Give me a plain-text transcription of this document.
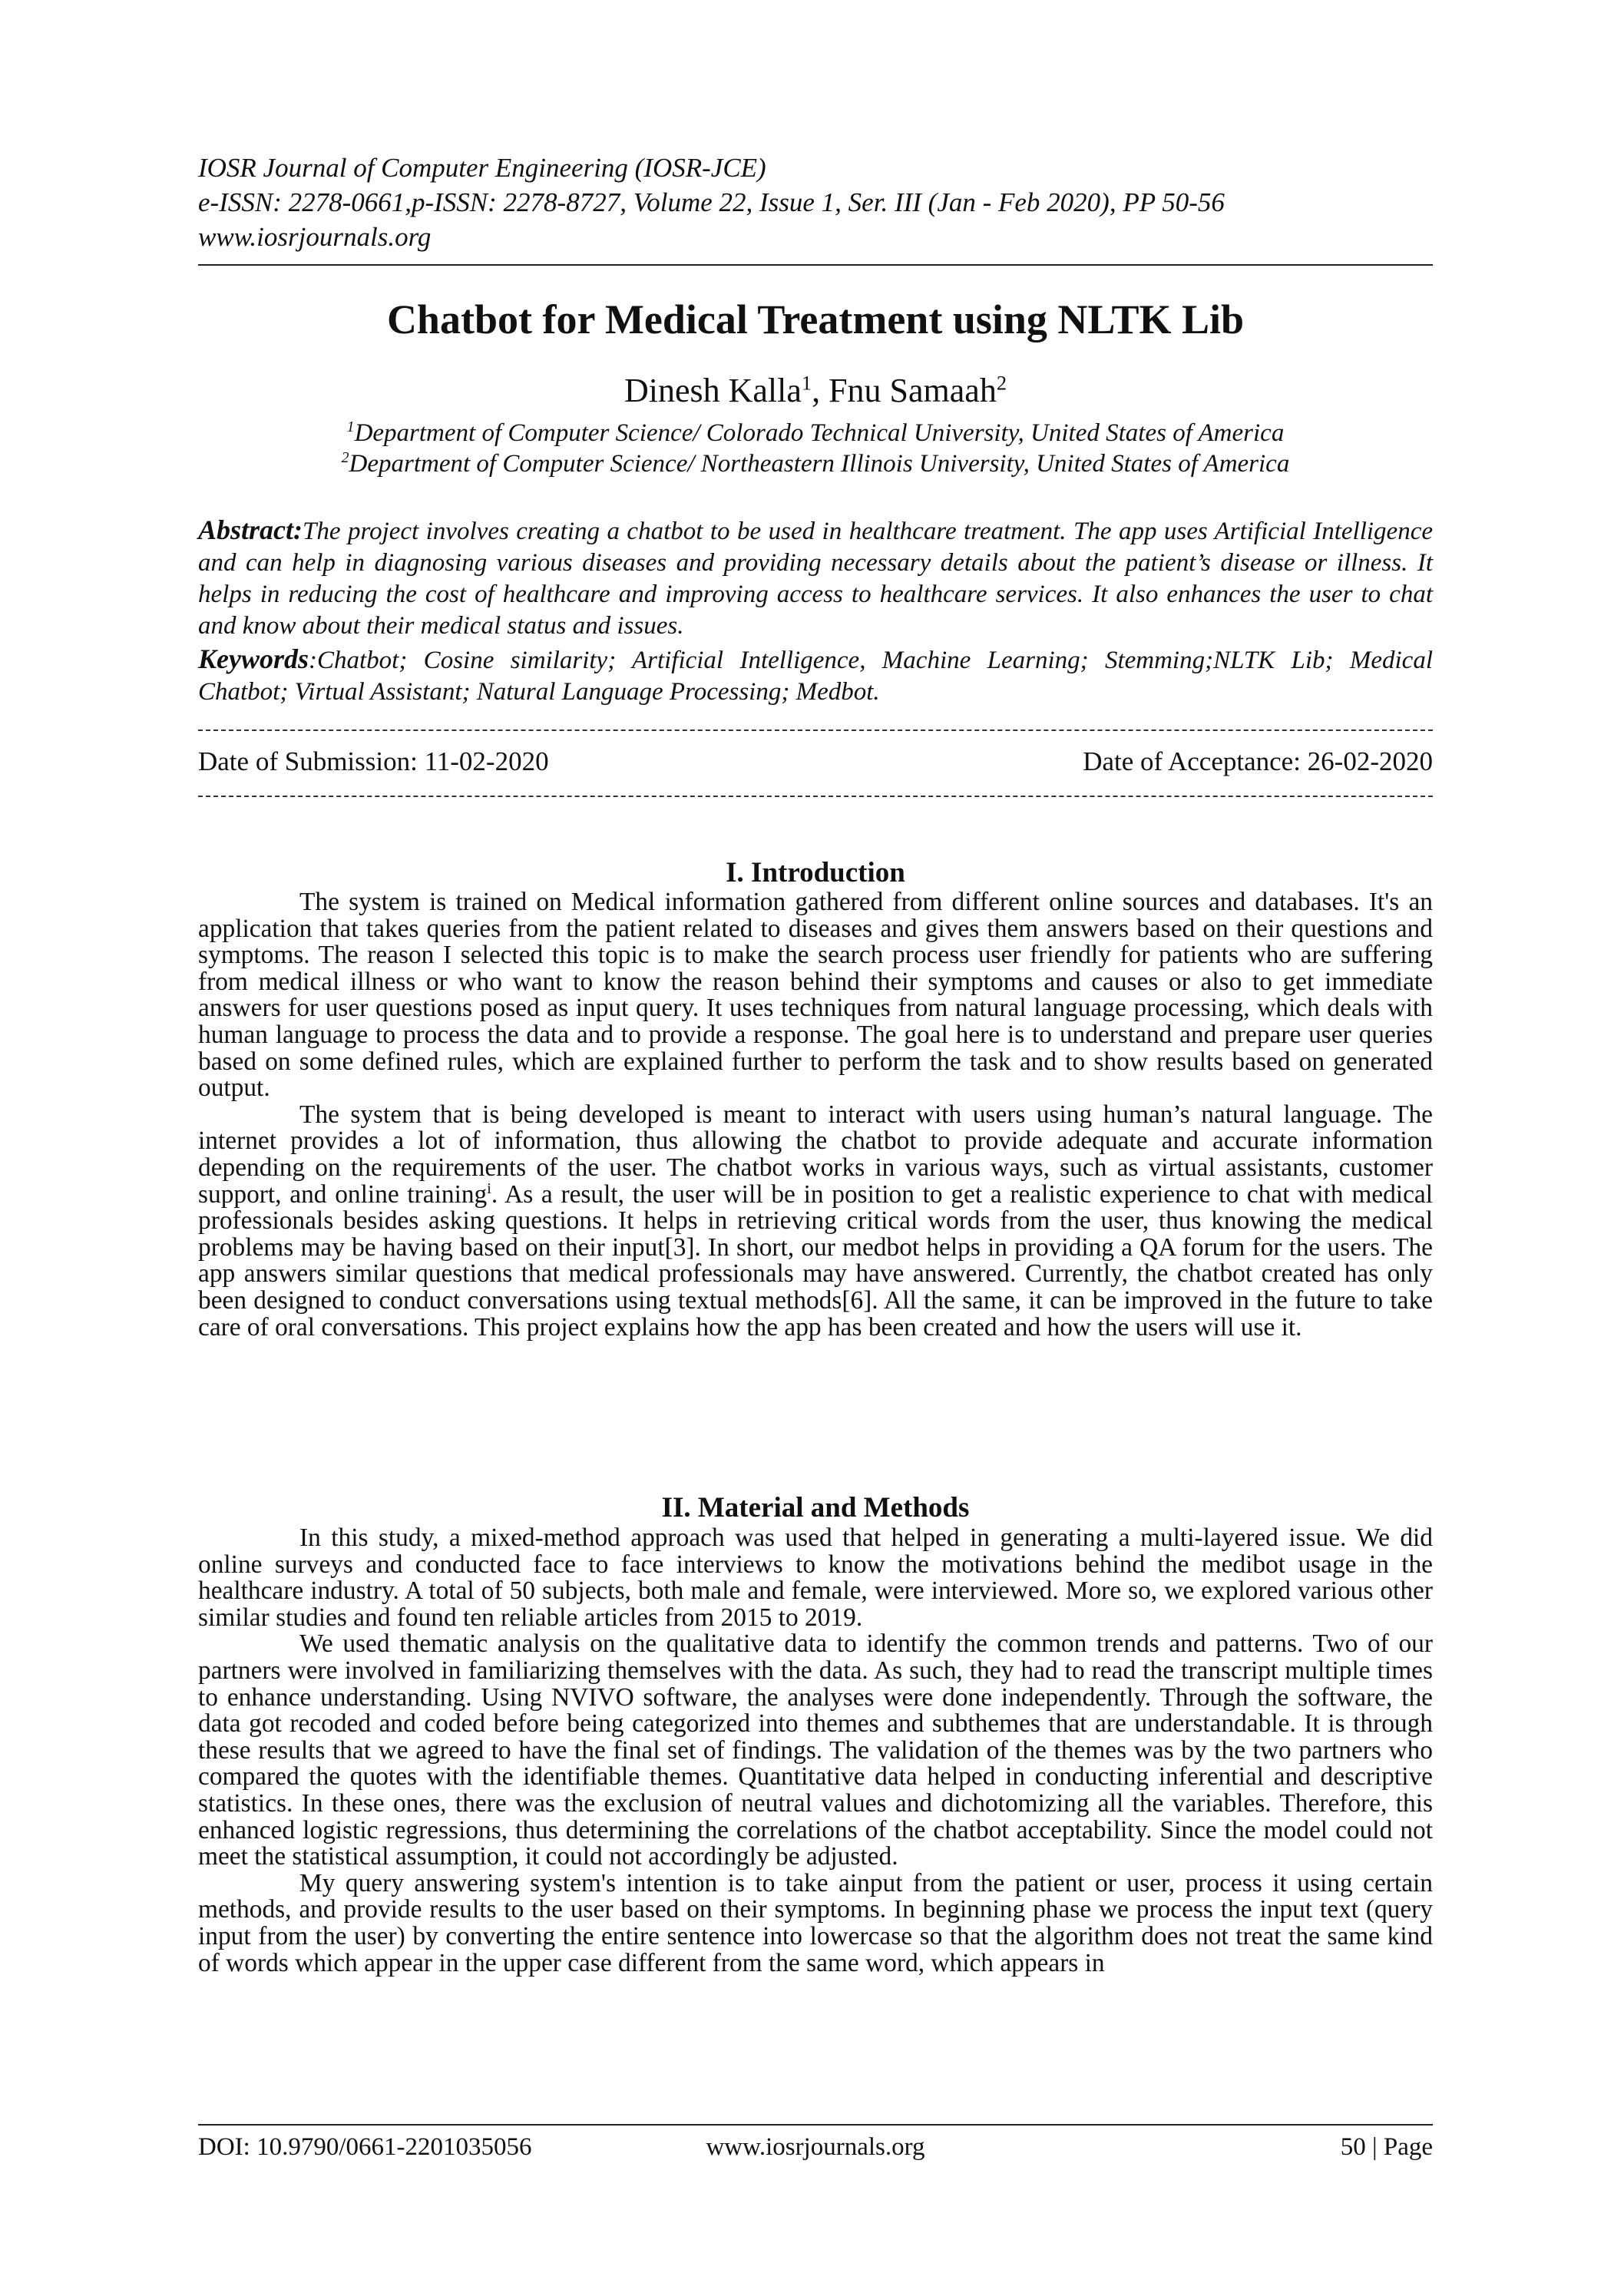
IOSR Journal of Computer Engineering (IOSR-JCE)
e-ISSN: 2278-0661,p-ISSN: 2278-8727, Volume 22, Issue 1, Ser. III (Jan - Feb 2020), PP 50-56
www.iosrjournals.org
Chatbot for Medical Treatment using NLTK Lib
Dinesh Kalla$^1$, Fnu Samaah$^2$
$^1$Department of Computer Science/ Colorado Technical University, United States of America
$^2$Department of Computer Science/ Northeastern Illinois University, United States of America
Abstract:The project involves creating a chatbot to be used in healthcare treatment. The app uses Artificial Intelligence and can help in diagnosing various diseases and providing necessary details about the patient’s disease or illness. It helps in reducing the cost of healthcare and improving access to healthcare services. It also enhances the user to chat and know about their medical status and issues.
Keywords:Chatbot; Cosine similarity; Artificial Intelligence, Machine Learning; Stemming;NLTK Lib; Medical Chatbot; Virtual Assistant; Natural Language Processing; Medbot.
Date of Submission: 11-02-2020	Date of Acceptance: 26-02-2020
I. Introduction

The system is trained on Medical information gathered from different online sources and databases. It's an application that takes queries from the patient related to diseases and gives them answers based on their questions and symptoms. The reason I selected this topic is to make the search process user friendly for patients who are suffering from medical illness or who want to know the reason behind their symptoms and causes or also to get immediate answers for user questions posed as input query. It uses techniques from natural language processing, which deals with human language to process the data and to provide a response. The goal here is to understand and prepare user queries based on some defined rules, which are explained further to perform the task and to show results based on generated output.

The system that is being developed is meant to interact with users using human’s natural language. The internet provides a lot of information, thus allowing the chatbot to provide adequate and accurate information depending on the requirements of the user. The chatbot works in various ways, such as virtual assistants, customer support, and online training$^i$. As a result, the user will be in position to get a realistic experience to chat with medical professionals besides asking questions. It helps in retrieving critical words from the user, thus knowing the medical problems may be having based on their input[3]. In short, our medbot helps in providing a QA forum for the users. The app answers similar questions that medical professionals may have answered. Currently, the chatbot created has only been designed to conduct conversations using textual methods[6]. All the same, it can be improved in the future to take care of oral conversations. This project explains how the app has been created and how the users will use it.

II. Material and Methods

In this study, a mixed-method approach was used that helped in generating a multi-layered issue. We did online surveys and conducted face to face interviews to know the motivations behind the medibot usage in the healthcare industry. A total of 50 subjects, both male and female, were interviewed. More so, we explored various other similar studies and found ten reliable articles from 2015 to 2019.

We used thematic analysis on the qualitative data to identify the common trends and patterns. Two of our partners were involved in familiarizing themselves with the data. As such, they had to read the transcript multiple times to enhance understanding. Using NVIVO software, the analyses were done independently. Through the software, the data got recoded and coded before being categorized into themes and subthemes that are understandable. It is through these results that we agreed to have the final set of findings. The validation of the themes was by the two partners who compared the quotes with the identifiable themes. Quantitative data helped in conducting inferential and descriptive statistics. In these ones, there was the exclusion of neutral values and dichotomizing all the variables. Therefore, this enhanced logistic regressions, thus determining the correlations of the chatbot acceptability. Since the model could not meet the statistical assumption, it could not accordingly be adjusted.

My query answering system's intention is to take ainput from the patient or user, process it using certain methods, and provide results to the user based on their symptoms. In beginning phase we process the input text (query input from the user) by converting the entire sentence into lowercase so that the algorithm does not treat the same kind of words which appear in the upper case different from the same word, which appears in

DOI: 10.9790/0661-2201035056	www.iosrjournals.org	50 | Page
